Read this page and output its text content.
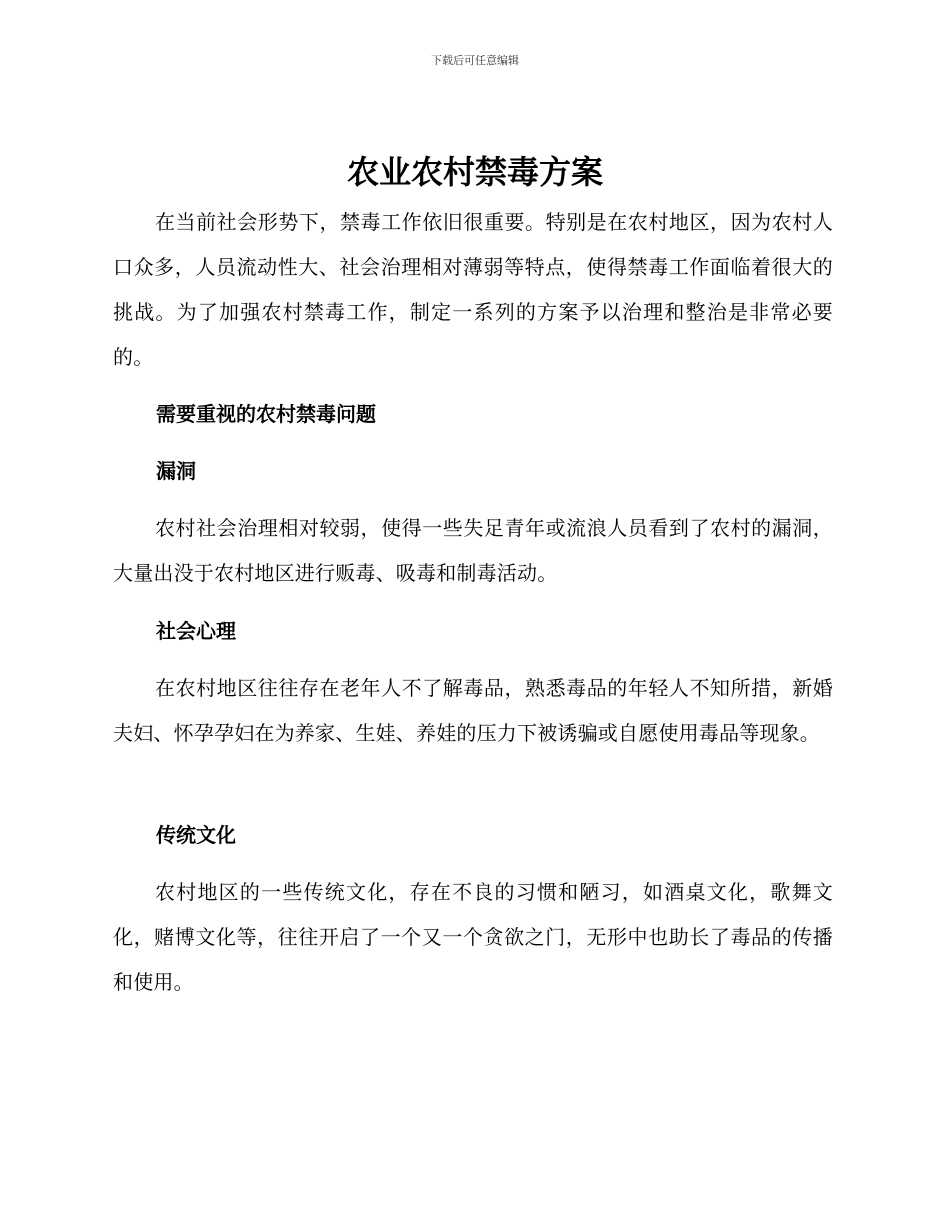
下载后可任意编辑
农业农村禁毒方案

在当前社会形势下，禁毒工作依旧很重要。特别是在农村地区，因为农村人口众多，人员流动性大、社会治理相对薄弱等特点，使得禁毒工作面临着很大的挑战。为了加强农村禁毒工作，制定一系列的方案予以治理和整治是非常必要的。

需要重视的农村禁毒问题
漏洞

农村社会治理相对较弱，使得一些失足青年或流浪人员看到了农村的漏洞，大量出没于农村地区进行贩毒、吸毒和制毒活动。

社会心理

在农村地区往往存在老年人不了解毒品，熟悉毒品的年轻人不知所措，新婚夫妇、怀孕孕妇在为养家、生娃、养娃的压力下被诱骗或自愿使用毒品等现象。

传统文化

农村地区的一些传统文化，存在不良的习惯和陋习，如酒桌文化，歌舞文化，赌博文化等，往往开启了一个又一个贪欲之门，无形中也助长了毒品的传播和使用。
